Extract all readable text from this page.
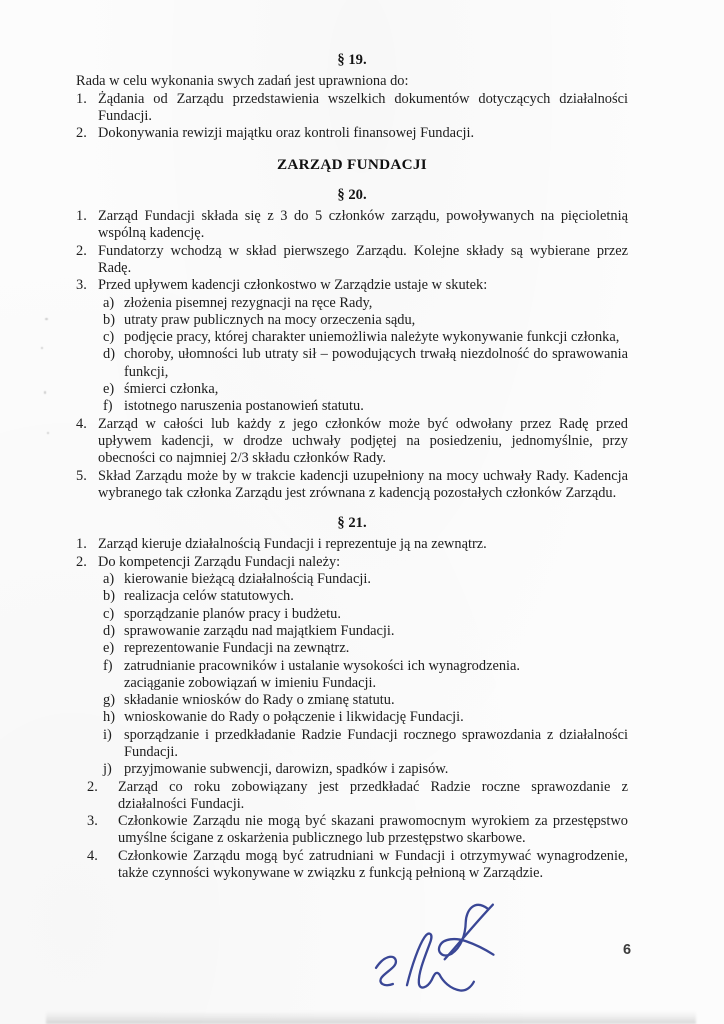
§ 19.

Rada w celu wykonania swych zadań jest uprawniona do:

1. Żądania od Zarządu przedstawienia wszelkich dokumentów dotyczących działalności Fundacji.
2. Dokonywania rewizji majątku oraz kontroli finansowej Fundacji.
ZARZĄD FUNDACJI
§ 20.
1. Zarząd Fundacji składa się z 3 do 5 członków zarządu, powoływanych na pięcioletnią wspólną kadencję.
2. Fundatorzy wchodzą w skład pierwszego Zarządu. Kolejne składy są wybierane przez Radę.
3. Przed upływem kadencji członkostwo w Zarządzie ustaje w skutek:
a) złożenia pisemnej rezygnacji na ręce Rady,
b) utraty praw publicznych na mocy orzeczenia sądu,
c) podjęcie pracy, której charakter uniemożliwia należyte wykonywanie funkcji członka,
d) choroby, ułomności lub utraty sił – powodujących trwałą niezdolność do sprawowania funkcji,
e) śmierci członka,
f) istotnego naruszenia postanowień statutu.
4. Zarząd w całości lub każdy z jego członków może być odwołany przez Radę przed upływem kadencji, w drodze uchwały podjętej na posiedzeniu, jednomyślnie, przy obecności co najmniej 2/3 składu członków Rady.
5. Skład Zarządu może by w trakcie kadencji uzupełniony na mocy uchwały Rady. Kadencja wybranego tak członka Zarządu jest zrównana z kadencją pozostałych członków Zarządu.
§ 21.
1. Zarząd kieruje działalnością Fundacji i reprezentuje ją na zewnątrz.
2. Do kompetencji Zarządu Fundacji należy:
a) kierowanie bieżącą działalnością Fundacji.
b) realizacja celów statutowych.
c) sporządzanie planów pracy i budżetu.
d) sprawowanie zarządu nad majątkiem Fundacji.
e) reprezentowanie Fundacji na zewnątrz.
f) zatrudnianie pracowników i ustalanie wysokości ich wynagrodzenia.
zaciąganie zobowiązań w imieniu Fundacji.
g) składanie wniosków do Rady o zmianę statutu.
h) wnioskowanie do Rady o połączenie i likwidację Fundacji.
i) sporządzanie i przedkładanie Radzie Fundacji rocznego sprawozdania z działalności Fundacji.
j) przyjmowanie subwencji, darowizn, spadków i zapisów.
2. Zarząd co roku zobowiązany jest przedkładać Radzie roczne sprawozdanie z działalności Fundacji.
3. Członkowie Zarządu nie mogą być skazani prawomocnym wyrokiem za przestępstwo umyślne ścigane z oskarżenia publicznego lub przestępstwo skarbowe.
4. Członkowie Zarządu mogą być zatrudniani w Fundacji i otrzymywać wynagrodzenie, także czynności wykonywane w związku z funkcją pełnioną w Zarządzie.
6
